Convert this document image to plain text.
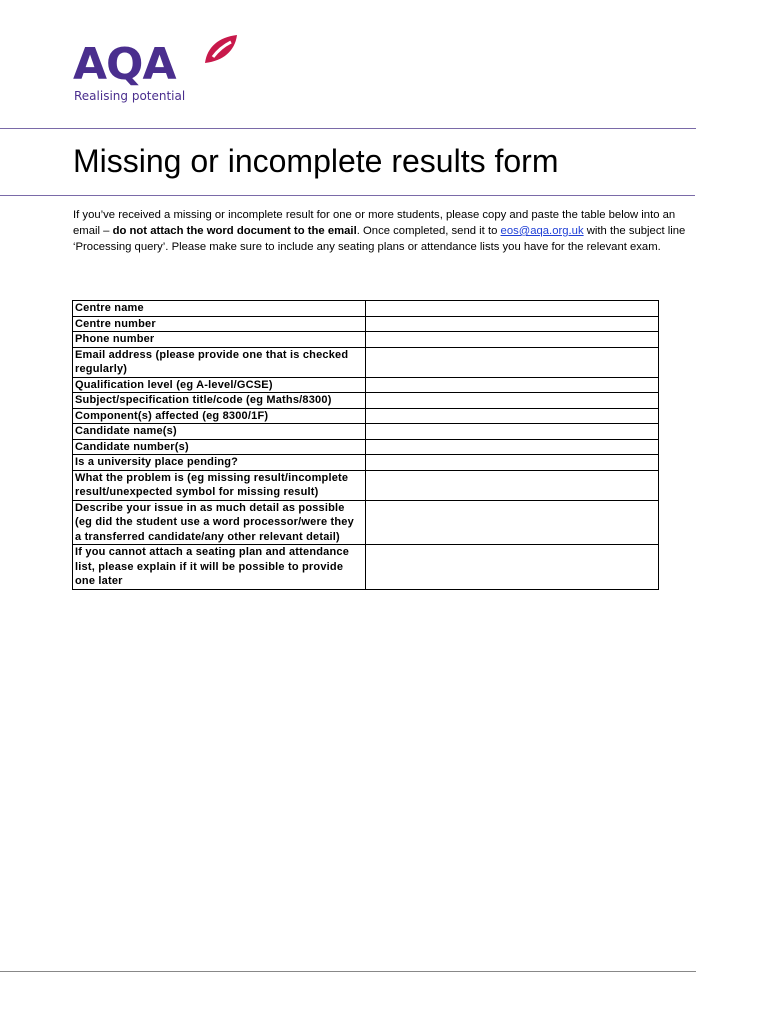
AQA
Realising potential
Missing or incomplete results form

If you’ve received a missing or incomplete result for one or more students, please copy and paste the table below into an email – do not attach the word document to the email. Once completed, send it to eos@aqa.org.uk with the subject line ‘Processing query’. Please make sure to include any seating plans or attendance lists you have for the relevant exam.

Centre name	
Centre number	
Phone number	
Email address (please provide one that is checked regularly)	
Qualification level (eg A-level/GCSE)	
Subject/specification title/code (eg Maths/8300)	
Component(s) affected (eg 8300/1F)	
Candidate name(s)	
Candidate number(s)	
Is a university place pending?	
What the problem is (eg missing result/incomplete result/unexpected symbol for missing result)	
Describe your issue in as much detail as possible (eg did the student use a word processor/were they a transferred candidate/any other relevant detail)	
If you cannot attach a seating plan and attendance list, please explain if it will be possible to provide one later	
